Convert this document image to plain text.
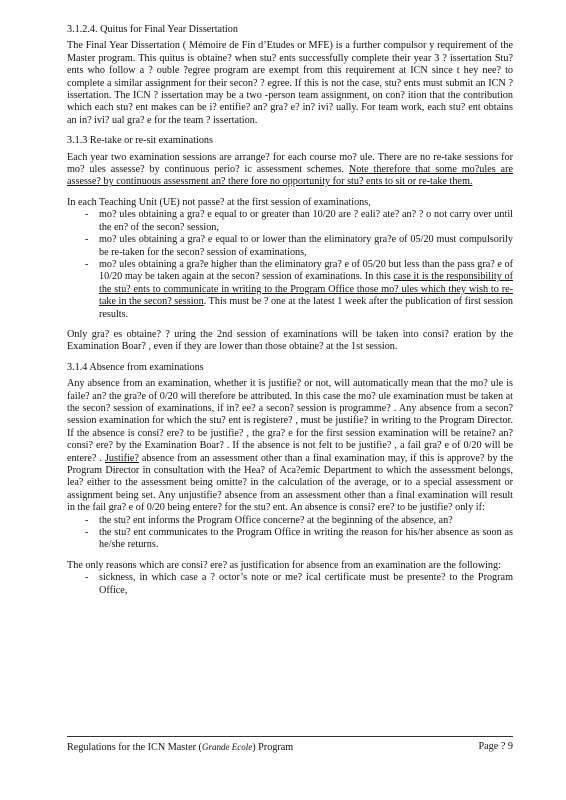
3.1.2.4. Quitus for Final Year Dissertation

The Final Year Dissertation ( Mémoire de Fin d’Etudes or MFE) is a further compulsor y requirement of the Master program. This quitus is obtaine? when stu? ents successfully complete their year 3 ? issertation Stu? ents who follow a ? ouble ?egree program are exempt from this requirement at ICN since t hey nee? to complete a similar assignment for their secon? ? egree. If this is not the case, stu? ents must submit an ICN ? issertation. The ICN ? issertation may be a two -person team assignment, on con? ition that the contribution which each stu? ent makes can be i? entifie? an? gra? e? in? ivi? ually. For team work, each stu? ent obtains an in? ivi? ual gra? e for the team ? issertation.

3.1.3 Re-take or re-sit examinations

Each year two examination sessions are arrange? for each course mo? ule. There are no re-take sessions for mo? ules assesse? by continuous perio? ic assessment schemes. Note therefore that some mo?ules are assesse? by continuous assessment an? there fore no opportunity for stu? ents to sit or re-take them.

In each Teaching Unit (UE) not passe? at the first session of examinations,

- mo? ules obtaining a gra? e equal to or greater than 10/20 are ? eali? ate? an? ? o not carry over until the en? of the secon? session,
- mo? ules obtaining a gra? e equal to or lower than the eliminatory gra?e of 05/20 must compulsorily be re-taken for the secon? session of examinations,
- mo? ules obtaining a gra?e higher than the eliminatory gra? e of 05/20 but less than the pass gra? e of 10/20 may be taken again at the secon? session of examinations. In this case it is the responsibility of the stu? ents to communicate in writing to the Program Office those mo? ules which they wish to re-take in the secon? session. This must be ? one at the latest 1 week after the publication of first session results.

Only gra? es obtaine? ? uring the 2nd session of examinations will be taken into consi? eration by the Examination Boar? , even if they are lower than those obtaine? at the 1st session.

3.1.4 Absence from examinations

Any absence from an examination, whether it is justifie? or not, will automatically mean that the mo? ule is faile? an? the gra?e of 0/20 will therefore be attributed. In this case the mo? ule examination must be taken at the secon? session of examinations, if in? ee? a secon? session is programme? . Any absence from a secon? session examination for which the stu? ent is registere? , must be justifie? in writing to the Program Director. If the absence is consi? ere? to be justifie? , the gra? e for the first session examination will be retaine? an? consi? ere? by the Examination Boar? . If the absence is not felt to be justifie? , a fail gra? e of 0/20 will be entere? . Justifie? absence from an assessment other than a final examination may, if this is approve? by the Program Director in consultation with the Hea? of Aca?emic Department to which the assessment belongs, lea? either to the assessment being omitte? in the calculation of the average, or to a special assessment or assignment being set. Any unjustifie? absence from an assessment other than a final examination will result in the fail gra? e of 0/20 being entere? for the stu? ent. An absence is consi? ere? to be justifie? only if:

- the stu? ent informs the Program Office concerne? at the beginning of the absence, an?
- the stu? ent communicates to the Program Office in writing the reason for his/her absence as soon as he/she returns.

The only reasons which are consi? ere? as justification for absence from an examination are the following:

- sickness, in which case a ? octor’s note or me? ical certificate must be presente? to the Program Office,
Regulations for the ICN Master (Grande Ecole) Program	Page ? 9
